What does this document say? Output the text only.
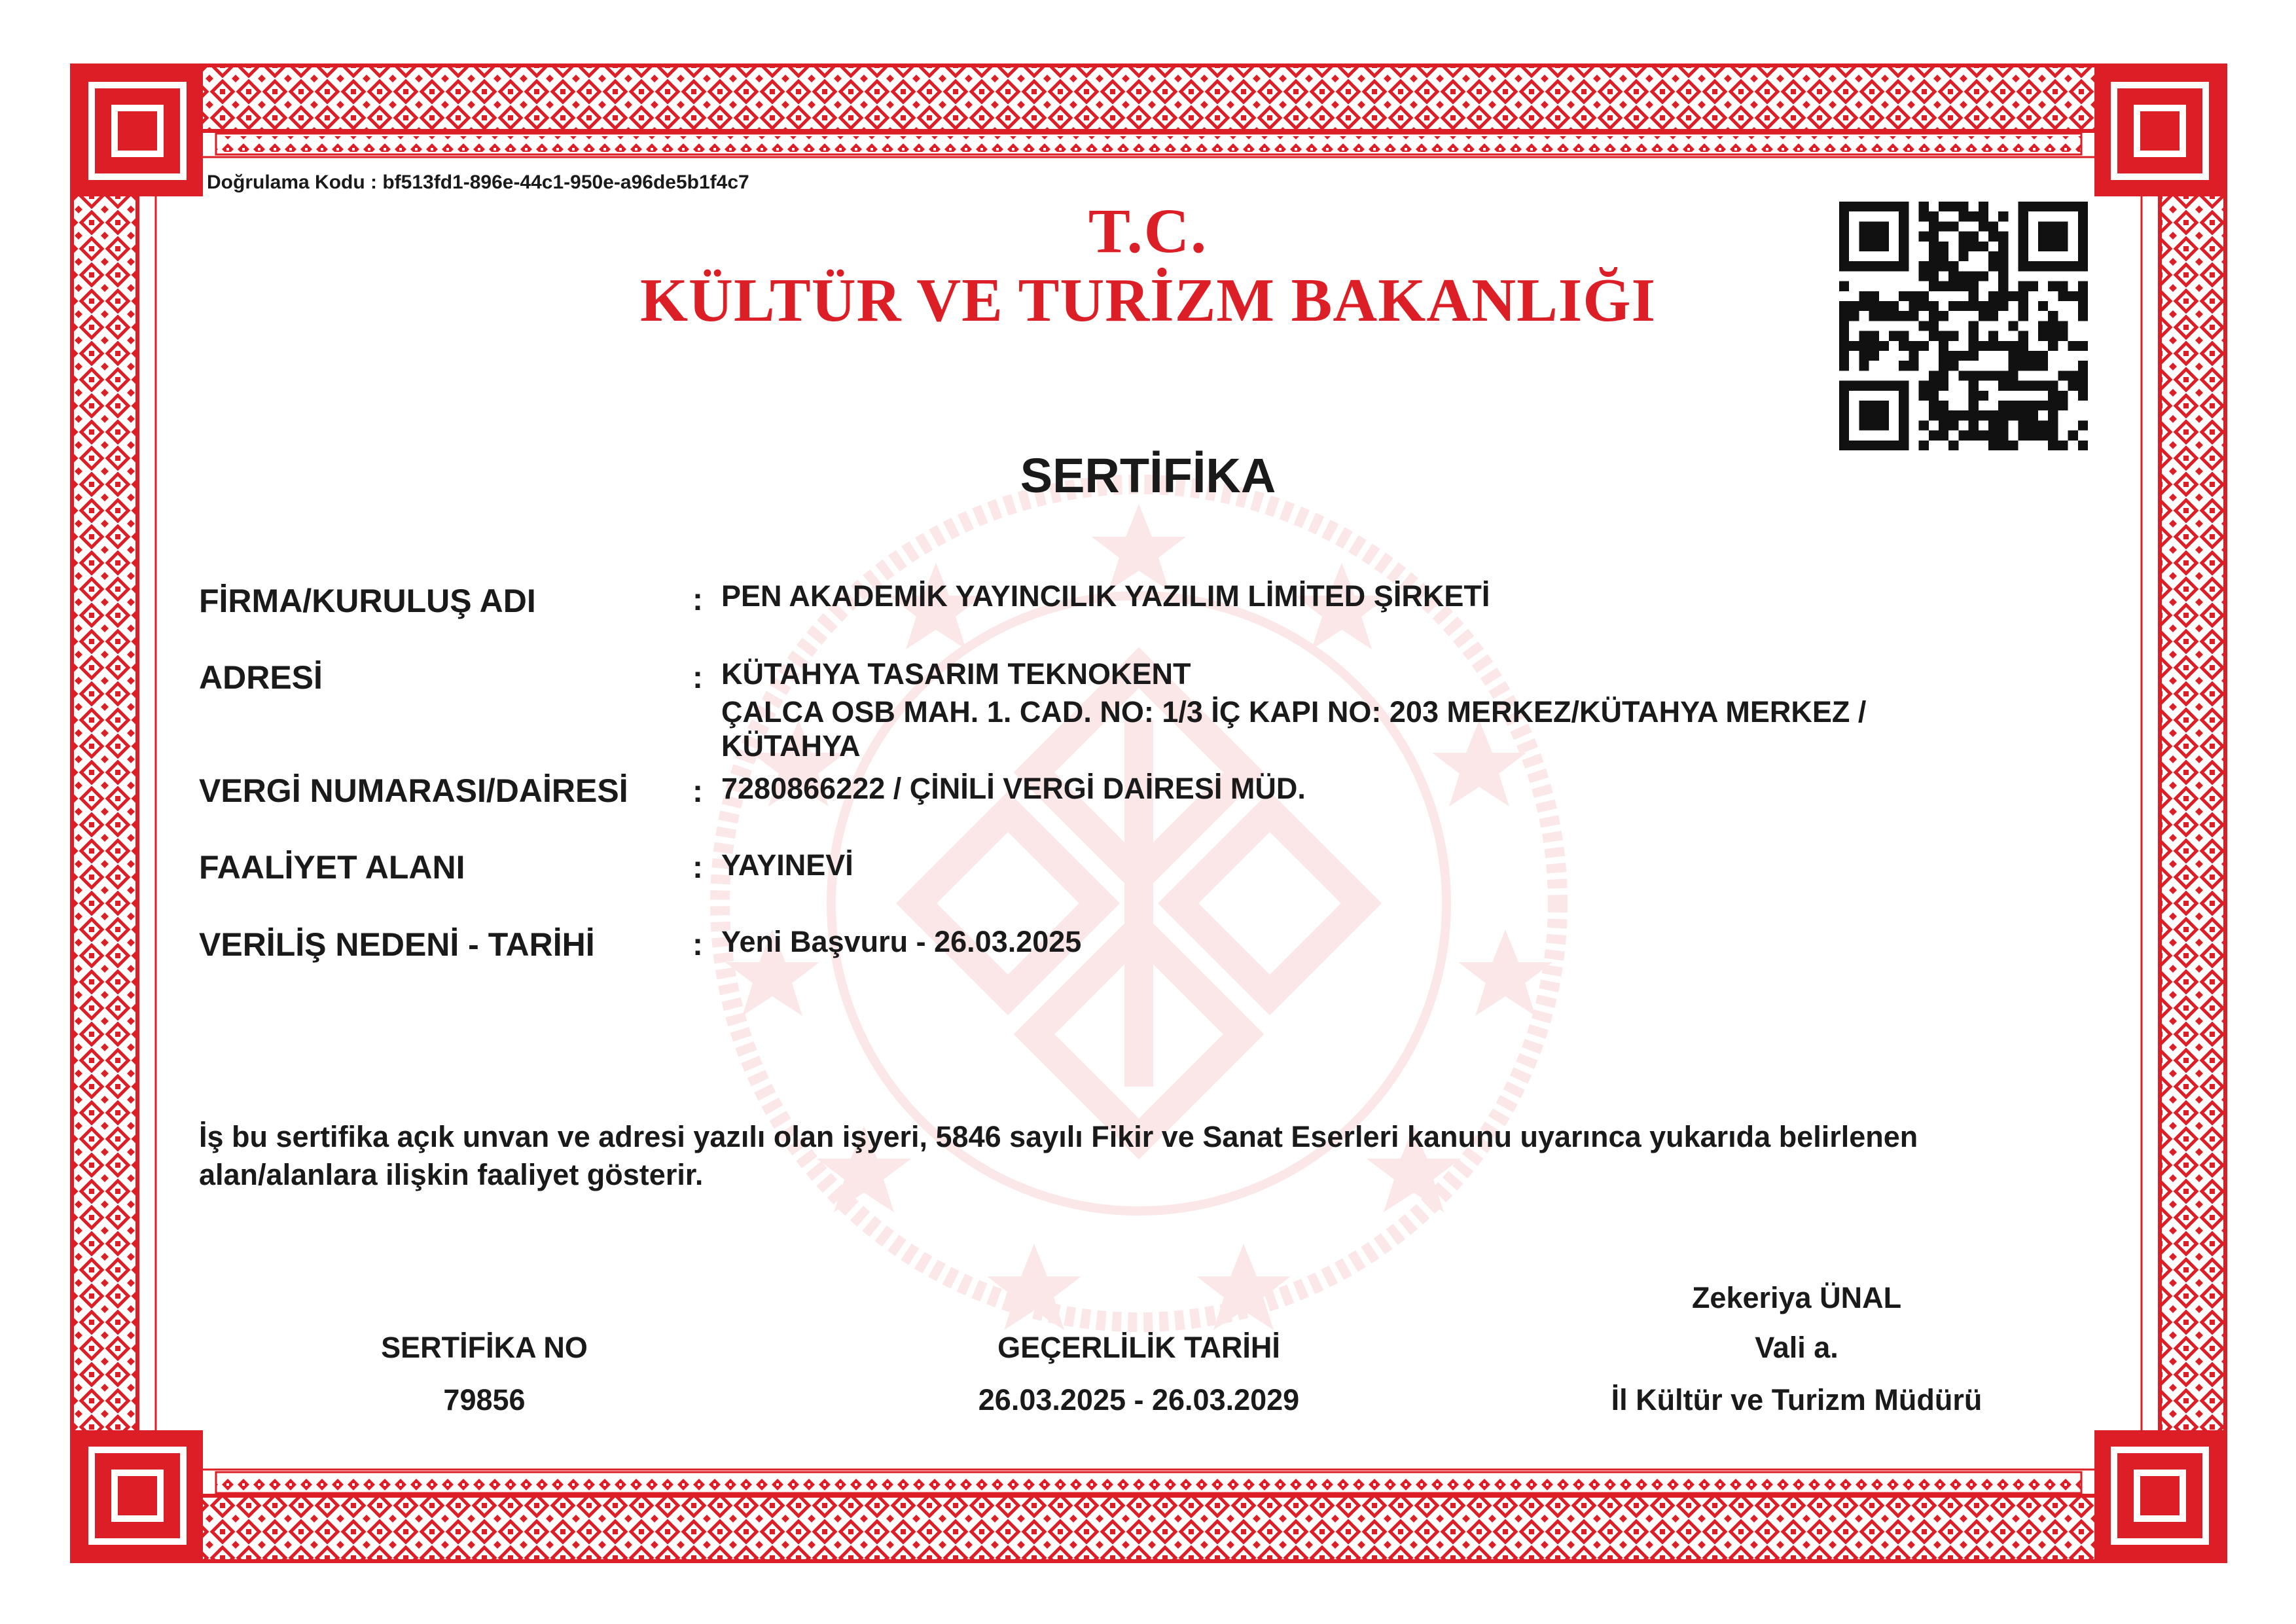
Doğrulama Kodu : bf513fd1-896e-44c1-950e-a96de5b1f4c7
T.C.
KÜLTÜR VE TURİZM BAKANLIĞI
SERTİFİKA
FİRMA/KURULUŞ ADI	: PEN AKADEMİK YAYINCILIK YAZILIM LİMİTED ŞİRKETİ
ADRESİ	: KÜTAHYA TASARIM TEKNOKENT
ÇALCA OSB MAH. 1. CAD. NO: 1/3 İÇ KAPI NO: 203 MERKEZ/KÜTAHYA MERKEZ /
KÜTAHYA
VERGİ NUMARASI/DAİRESİ : 7280866222 / ÇİNİLİ VERGİ DAİRESİ MÜD.
FAALİYET ALANI	: YAYINEVİ
VERİLİŞ NEDENİ - TARİHİ	: Yeni Başvuru - 26.03.2025
İş bu sertifika açık unvan ve adresi yazılı olan işyeri, 5846 sayılı Fikir ve Sanat Eserleri kanunu uyarınca yukarıda belirlenen
alan/alanlara ilişkin faaliyet gösterir.
SERTİFİKA NO
79856
GEÇERLİLİK TARİHİ
26.03.2025 - 26.03.2029
Zekeriya ÜNAL
Vali a.
İl Kültür ve Turizm Müdürü
